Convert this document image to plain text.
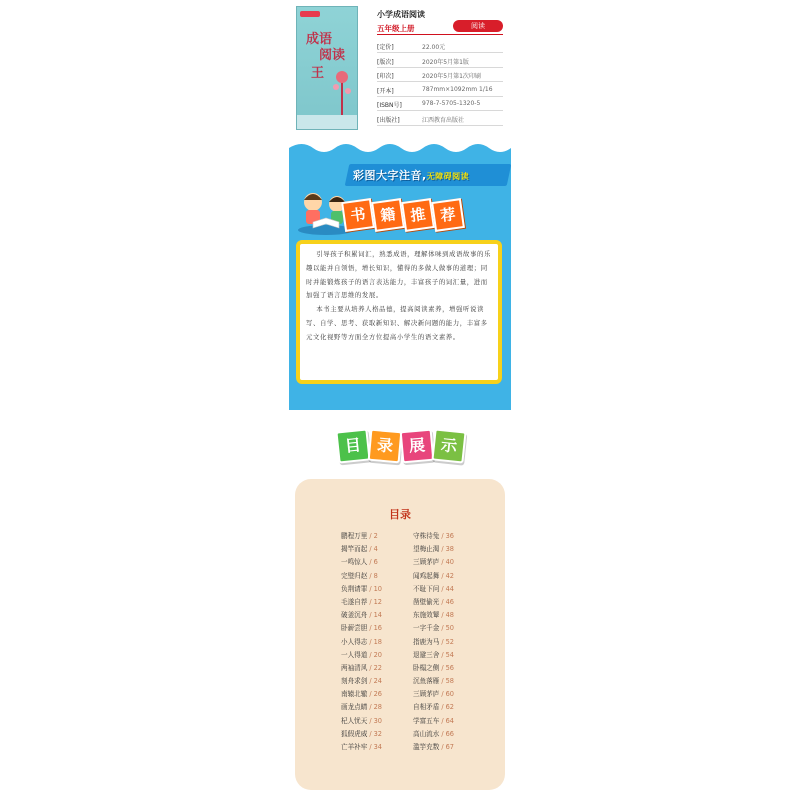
成语
阅读
王
小学成语阅读
五年级上册	阅读
[定价]	22.00元
[版次]	2020年5月第1版
[印次]	2020年5月第1次印刷
[开本]	787mm×1092mm 1/16
[ISBN号]	978-7-5705-1320-5
[出版社]	江西教育出版社
彩图大字注音,无障碍阅读
书 籍 推 荐

引导孩子积累词汇，熟悉成语，理解体味到成语故事的乐趣以能并自领悟，增长知识，懂得的多做人做事的道理；同时并能锻炼孩子的语言表达能力，丰富孩子的词汇量，进而加强了语言思维的发展。

本书主要从培养人格品德，提高阅读素养，增强听说读写、自学、思考、获取新知识、解决新问题的能力，丰富多元文化视野等方面全方位提高小学生的语文素养。

目 录 展 示
目录
鹏程万里 / 2
揭竿而起 / 4
一鸣惊人 / 6
完璧归赵 / 8
负荆请罪 / 10
毛遂自荐 / 12
破釜沉舟 / 14
卧薪尝胆 / 16
小人得志 / 18
一人得道 / 20
两袖清风 / 22
刻舟求剑 / 24
南辕北辙 / 26
画龙点睛 / 28
杞人忧天 / 30
狐假虎威 / 32
亡羊补牢 / 34
守株待兔 / 36
望梅止渴 / 38
三顾茅庐 / 40
闻鸡起舞 / 42
不耻下问 / 44
凿壁偷光 / 46
东施效颦 / 48
一字千金 / 50
指鹿为马 / 52
退避三舍 / 54
卧榻之侧 / 56
沉鱼落雁 / 58
三顾茅庐 / 60
自相矛盾 / 62
学富五车 / 64
高山流水 / 66
滥竽充数 / 67
